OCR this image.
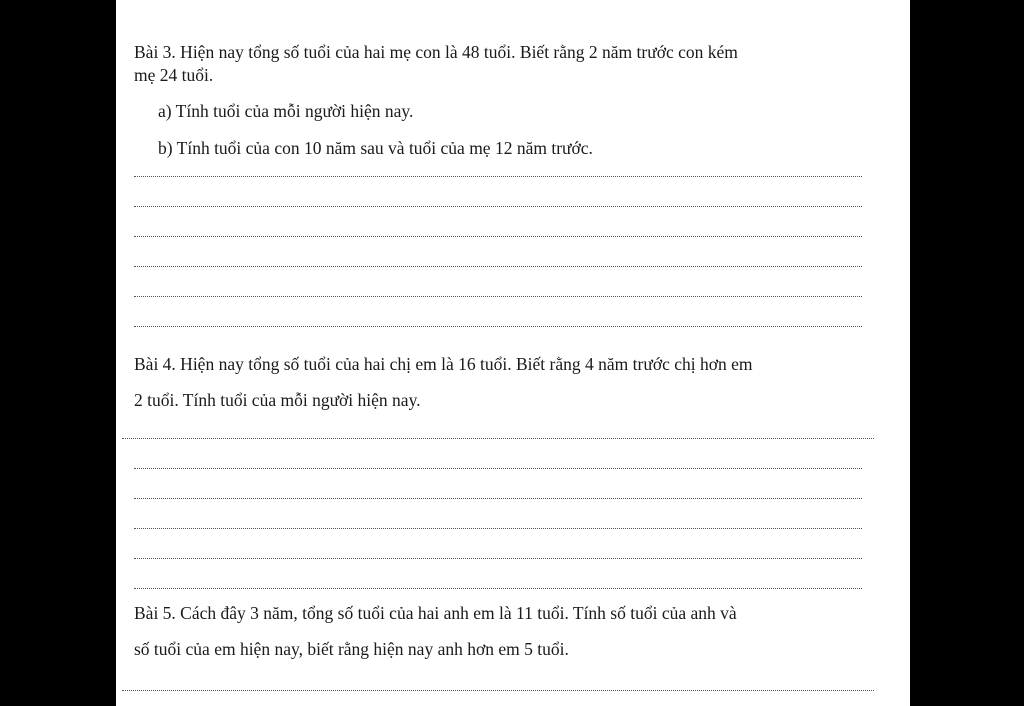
Bài 3. Hiện nay tổng số tuổi của hai mẹ con là 48 tuổi. Biết rằng 2 năm trước con kém
mẹ 24 tuổi.
a) Tính tuổi của mỗi người hiện nay.
b) Tính tuổi của con 10 năm sau và tuổi của mẹ 12 năm trước.
Bài 4. Hiện nay tổng số tuổi của hai chị em là 16 tuổi. Biết rằng 4 năm trước chị hơn em
2 tuổi. Tính tuổi của mỗi người hiện nay.
Bài 5. Cách đây 3 năm, tổng số tuổi của hai anh em là 11 tuổi. Tính số tuổi của anh và
số tuổi của em hiện nay, biết rằng hiện nay anh hơn em 5 tuổi.
